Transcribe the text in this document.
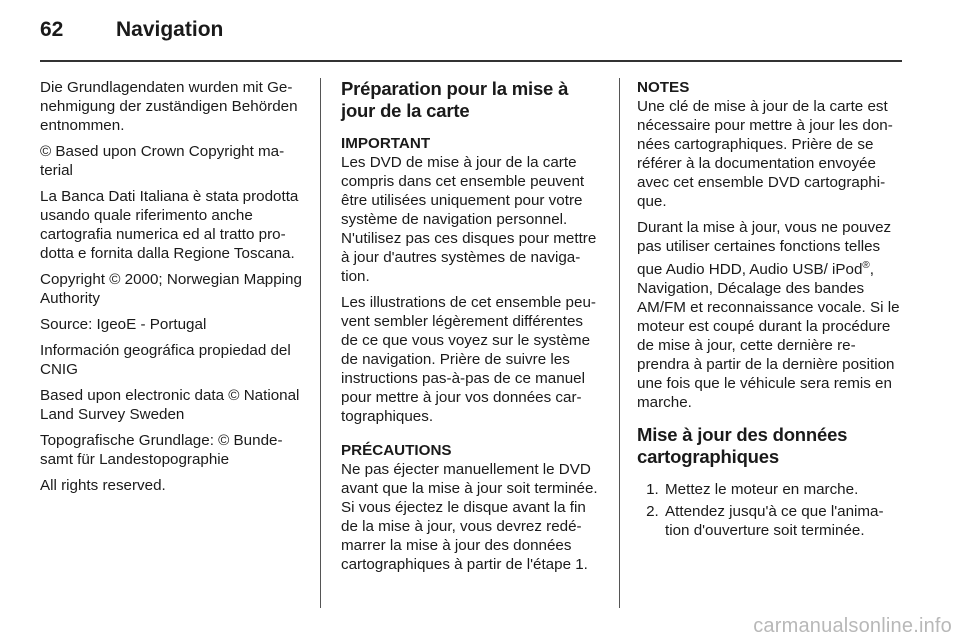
62	Navigation

Die Grundlagendaten wurden mit Genehmigung der zuständigen Behörden entnommen.

© Based upon Crown Copyright material

La Banca Dati Italiana è stata prodotta usando quale riferimento anche cartografia numerica ed al tratto prodotta e fornita dalla Regione Toscana.

Copyright © 2000; Norwegian Mapping Authority

Source: IgeoE - Portugal

Información geográfica propiedad del CNIG

Based upon electronic data © National Land Survey Sweden

Topografische Grundlage: © Bundesamt für Landestopographie

All rights reserved.

Préparation pour la mise à jour de la carte
IMPORTANT

Les DVD de mise à jour de la carte compris dans cet ensemble peuvent être utilisées uniquement pour votre système de navigation personnel. N'utilisez pas ces disques pour mettre à jour d'autres systèmes de navigation.

Les illustrations de cet ensemble peuvent sembler légèrement différentes de ce que vous voyez sur le système de navigation. Prière de suivre les instructions pas-à-pas de ce manuel pour mettre à jour vos données cartographiques.

PRÉCAUTIONS

Ne pas éjecter manuellement le DVD avant que la mise à jour soit terminée. Si vous éjectez le disque avant la fin de la mise à jour, vous devrez redémarrer la mise à jour des données cartographiques à partir de l'étape 1.

NOTES

Une clé de mise à jour de la carte est nécessaire pour mettre à jour les données cartographiques. Prière de se référer à la documentation envoyée avec cet ensemble DVD cartographique.

Durant la mise à jour, vous ne pouvez pas utiliser certaines fonctions telles que Audio HDD, Audio USB/ iPod®, Navigation, Décalage des bandes AM/FM et reconnaissance vocale. Si le moteur est coupé durant la procédure de mise à jour, cette dernière reprendra à partir de la dernière position une fois que le véhicule sera remis en marche.

Mise à jour des données cartographiques
1. Mettez le moteur en marche.
2. Attendez jusqu'à ce que l'animation d'ouverture soit terminée.
carmanualsonline.info
